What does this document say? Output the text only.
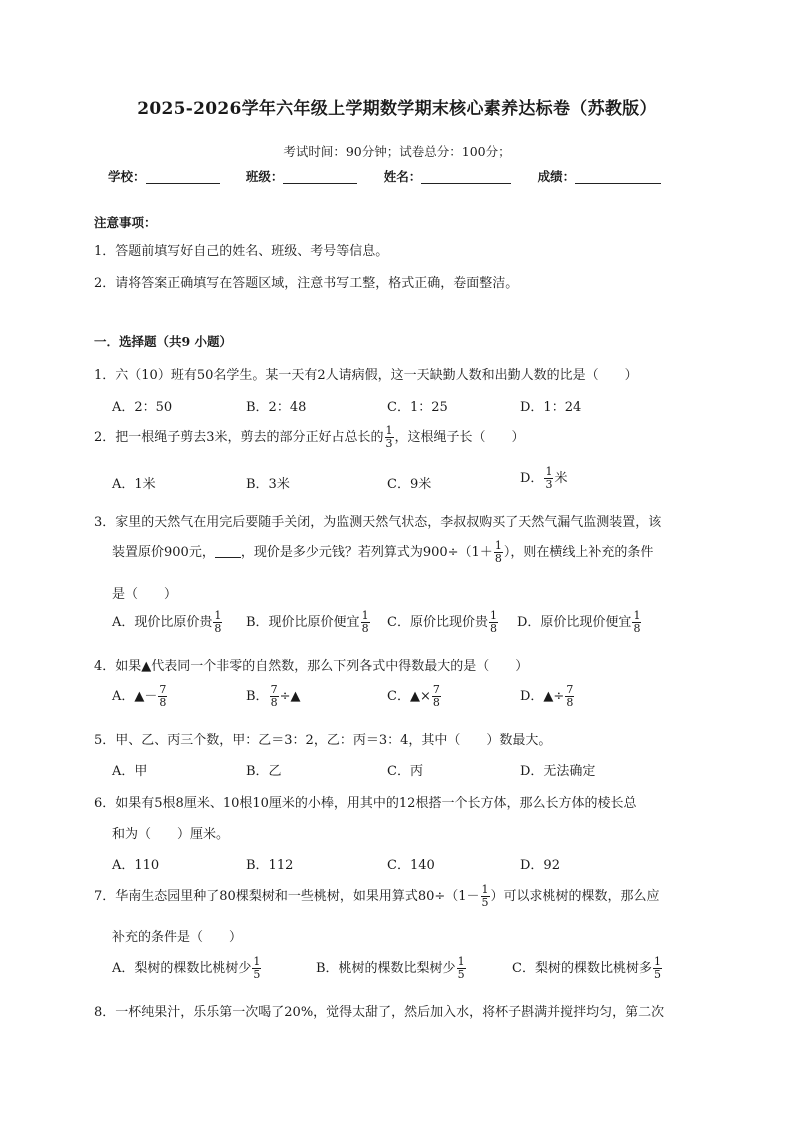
2025-2026学年六年级上学期数学期末核心素养达标卷（苏教版）
考试时间：90分钟；试卷总分：100分；
学校：	班级：	姓名：	成绩：
注意事项：
1．答题前填写好自己的姓名、班级、考号等信息。
2．请将答案正确填写在答题区域，注意书写工整，格式正确，卷面整洁。
一．选择题（共9 小题）
1．六（10）班有50名学生。某一天有2人请病假，这一天缺勤人数和出勤人数的比是（　　）
A．2：50	B．2：48	C．1：25	D．1：24
2．把一根绳子剪去3米，剪去的部分正好占总长的 $\frac{1}{3}$ ，这根绳子长（　　）
A．1米	B．3米	C．9米	D． $\frac{1}{3}$ 米
3．家里的天然气在用完后要随手关闭，为监测天然气状态，李叔叔购买了天然气漏气监测装置，该
装置原价900元， ，现价是多少元钱？若列算式为$900\div(1+ \frac{1}{8}$ ），则在横线上补充的条件
是（　　）
A．现价比原价贵 $\frac{1}{8}$ B．现价比原价便宜 $\frac{1}{8}$ C．原价比现价贵 $\frac{1}{8}$ D．原价比现价便宜 $\frac{1}{8}$
4．如果▲代表同一个非零的自然数，那么下列各式中得数最大的是（　　）
A．▲－ $\frac{7}{8}$	B． $\frac{7}{8}$ ÷▲	C．▲× $\frac{7}{8}$	D．▲÷ $\frac{7}{8}$
5．甲、乙、丙三个数，甲：乙＝3：2，乙：丙＝3：4，其中（　　）数最大。
A．甲	B．乙	C．丙	D．无法确定
6．如果有5根8厘米、10根10厘米的小棒，用其中的12根搭一个长方体，那么长方体的棱长总
和为（　　）厘米。
A．110	B．112	C．140	D．92
7．华南生态园里种了80棵梨树和一些桃树，如果用算式$80\div(1- \frac{1}{5}$ ）可以求桃树的棵数，那么应
补充的条件是（　　）
A．梨树的棵数比桃树少 $\frac{1}{5}$	B．桃树的棵数比梨树少 $\frac{1}{5}$	C．梨树的棵数比桃树多 $\frac{1}{5}$
8．一杯纯果汁，乐乐第一次喝了20%，觉得太甜了，然后加入水，将杯子斟满并搅拌均匀，第二次
